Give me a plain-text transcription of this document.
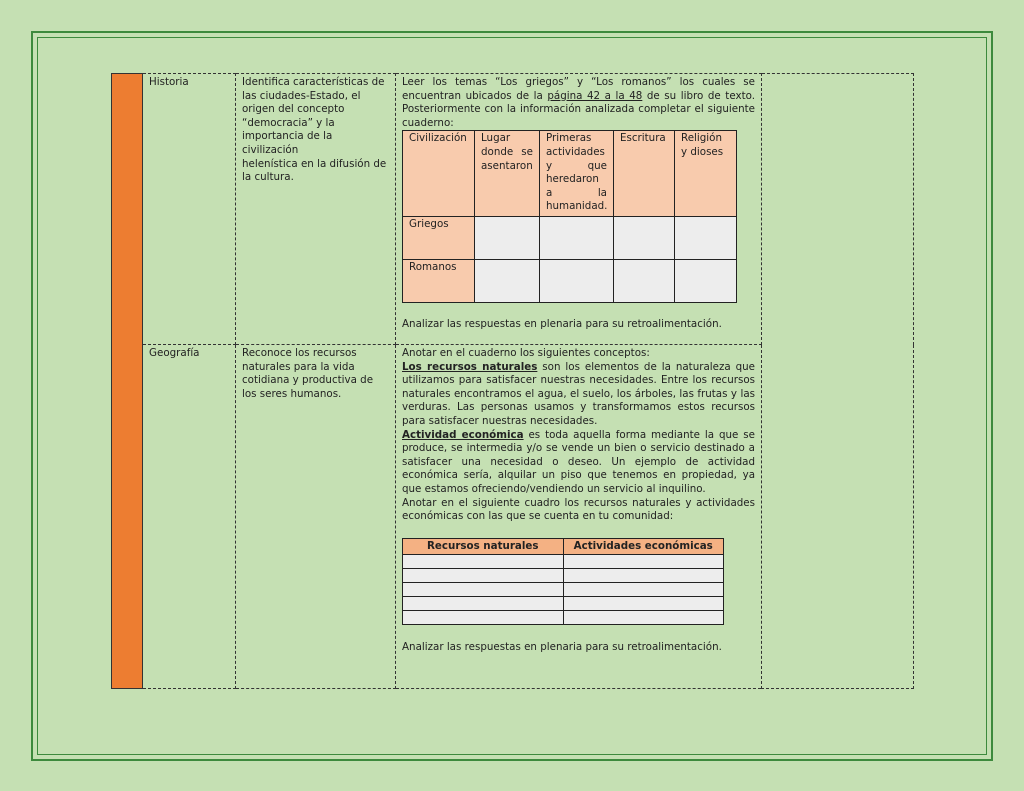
	Historia	Identifica características de
las ciudades-Estado, el
origen del concepto
“democracia” y la
importancia de la
civilización
helenística en la difusión de
la cultura.

Leer los temas “Los griegos” y “Los romanos” los cuales se encuentran ubicados de la página 42 a la 48 de su libro de texto. Posteriormente con la información analizada completar el siguiente cuaderno:

Civilización	Lugar donde se asentaron	Primeras actividades y que heredaron a la humanidad.	Escritura	Religión y dioses
Griegos				
Romanos				

Analizar las respuestas en plenaria para su retroalimentación.

Geografía	Reconoce los recursos
naturales para la vida
cotidiana y productiva de
los seres humanos.

Anotar en el cuaderno los siguientes conceptos:

Los recursos naturales son los elementos de la naturaleza que utilizamos para satisfacer nuestras necesidades. Entre los recursos naturales encontramos el agua, el suelo, los árboles, las frutas y las verduras. Las personas usamos y transformamos estos recursos para satisfacer nuestras necesidades.

Actividad económica es toda aquella forma mediante la que se produce, se intermedia y/o se vende un bien o servicio destinado a satisfacer una necesidad o deseo. Un ejemplo de actividad económica sería, alquilar un piso que tenemos en propiedad, ya que estamos ofreciendo/vendiendo un servicio al inquilino.

Anotar en el siguiente cuadro los recursos naturales y actividades económicas con las que se cuenta en tu comunidad:

Recursos naturales	Actividades económicas

Analizar las respuestas en plenaria para su retroalimentación.
